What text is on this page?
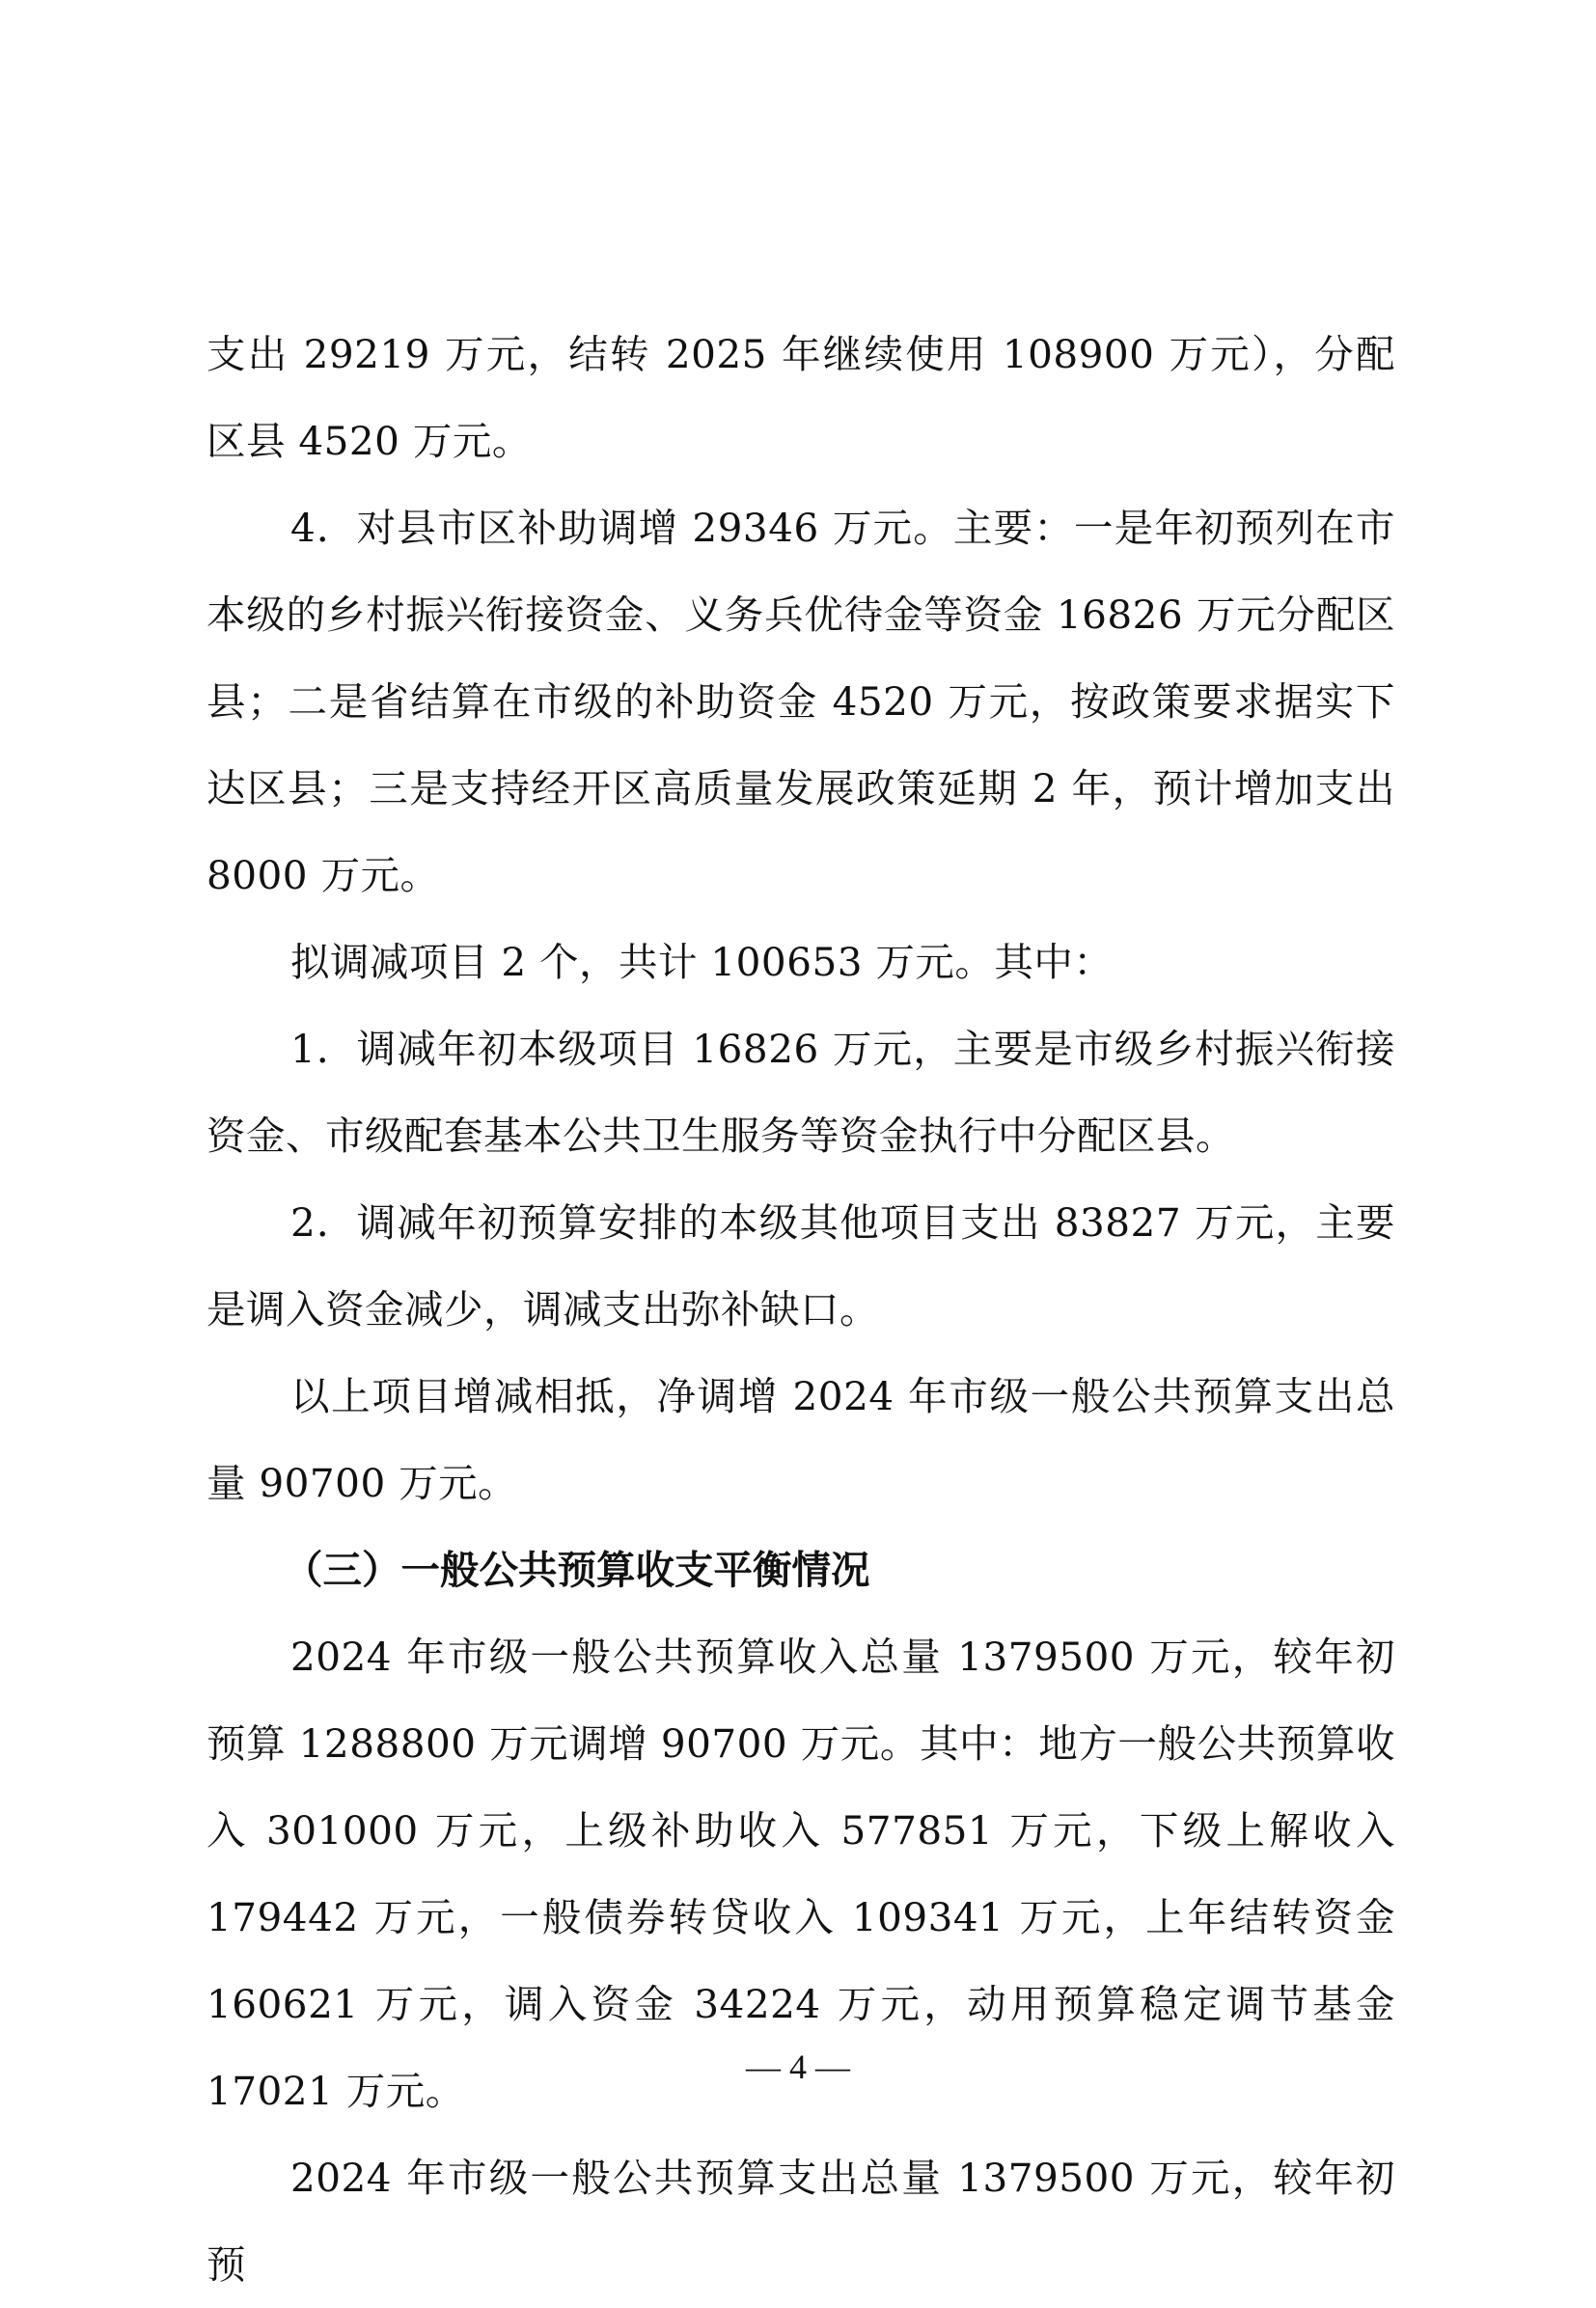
支出 29219 万元，结转 2025 年继续使用 108900 万元），分配区县 4520 万元。

4．对县市区补助调增 29346 万元。主要：一是年初预列在市本级的乡村振兴衔接资金、义务兵优待金等资金 16826 万元分配区县；二是省结算在市级的补助资金 4520 万元，按政策要求据实下达区县；三是支持经开区高质量发展政策延期 2 年，预计增加支出 8000 万元。

拟调减项目 2 个，共计 100653 万元。其中：

1．调减年初本级项目 16826 万元，主要是市级乡村振兴衔接资金、市级配套基本公共卫生服务等资金执行中分配区县。

2．调减年初预算安排的本级其他项目支出 83827 万元，主要是调入资金减少，调减支出弥补缺口。

以上项目增减相抵，净调增 2024 年市级一般公共预算支出总量 90700 万元。

（三）一般公共预算收支平衡情况

2024 年市级一般公共预算收入总量 1379500 万元，较年初预算 1288800 万元调增 90700 万元。其中：地方一般公共预算收入 301000 万元，上级补助收入 577851 万元，下级上解收入 179442 万元，一般债券转贷收入 109341 万元，上年结转资金 160621 万元，调入资金 34224 万元，动用预算稳定调节基金 17021 万元。

2024 年市级一般公共预算支出总量 1379500 万元，较年初预

— 4 —
